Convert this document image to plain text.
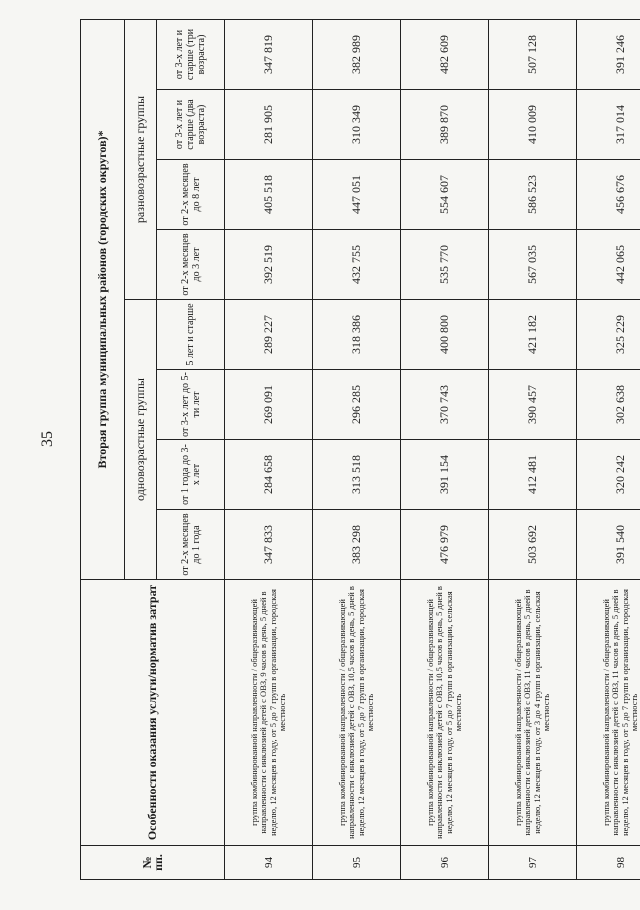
35
№ пп.	Особенности оказания услуги/норматив затрат	Вторая группа муниципальных районов (городских округов)*							
		одновозрастные группы				разновозрастные группы			
		от 2-х месяцев до 1 года	от 1 года до 3-х лет	от 3-х лет до 5-ти лет	5 лет и старше	от 2-х месяцев до 3 лет	от 2-х месяцев до 8 лет	от 3-х лет и старше (два возраста)	от 3-х лет и старше (три возраста)
94	группа комбинированной направленности / общеразвивающей направленности с инклюзией детей с ОВЗ, 9 часов в день, 5 дней в неделю, 12 месяцев в году, от 5 до 7 групп в организации, городская местность	347 833	284 658	269 091	289 227	392 519	405 518	281 905	347 819
95	группа комбинированной направленности / общеразвивающей направленности с инклюзией детей с ОВЗ, 10,5 часов в день, 5 дней в неделю, 12 месяцев в году, от 5 до 7 групп в организации, городская местность	383 298	313 518	296 285	318 386	432 755	447 051	310 349	382 989
96	группа комбинированной направленности / общеразвивающей направленности с инклюзией детей с ОВЗ, 10,5 часов в день, 5 дней в неделю, 12 месяцев в году, от 5 до 7 групп в организации, сельская местность	476 979	391 154	370 743	400 800	535 770	554 607	389 870	482 609
97	группа комбинированной направленности / общеразвивающей направленности с инклюзией детей с ОВЗ, 11 часов в день, 5 дней в неделю, 12 месяцев в году, от 3 до 4 групп в организации, сельская местность	503 692	412 481	390 457	421 182	567 035	586 523	410 009	507 128
98	группа комбинированной направленности / общеразвивающей направленности с инклюзией детей с ОВЗ, 11 часов в день, 5 дней в неделю, 12 месяцев в году, от 5 до 7 групп в организации, городская местность	391 540	320 242	302 638	325 229	442 065	456 676	317 014	391 246
